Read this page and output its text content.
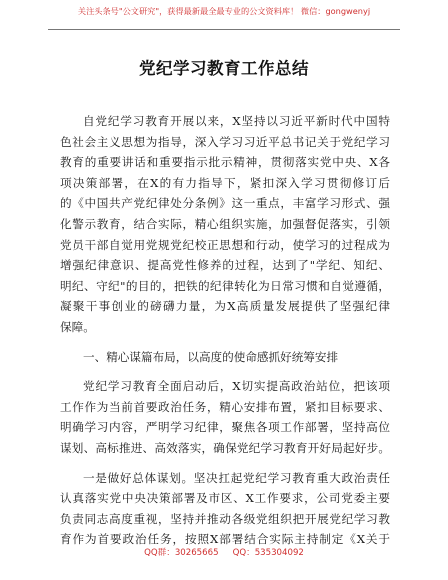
关注头条号"公文研究"，获得最新最全最专业的公文资料库！ 微信：gongwenyj
党纪学习教育工作总结
自党纪学习教育开展以来，X坚持以习近平新时代中国特
色社会主义思想为指导，深入学习习近平总书记关于党纪学习
教育的重要讲话和重要指示批示精神，贯彻落实党中央、X各
项决策部署，在X的有力指导下，紧扣深入学习贯彻修订后
的《中国共产党纪律处分条例》这一重点，丰富学习形式、强
化警示教育，结合实际，精心组织实施，加强督促落实，引领
党员干部自觉用党规党纪校正思想和行动，使学习的过程成为
增强纪律意识、提高党性修养的过程，达到了"学纪、知纪、
明纪、守纪"的目的，把铁的纪律转化为日常习惯和自觉遵循，
凝聚干事创业的磅礴力量，为X高质量发展提供了坚强纪律
保障。
一、精心谋篇布局，以高度的使命感抓好统筹安排
党纪学习教育全面启动后，X切实提高政治站位，把该项
工作作为当前首要政治任务，精心安排布置，紧扣目标要求、
明确学习内容，严明学习纪律，聚焦各项工作部署，坚持高位
谋划、高标推进、高效落实，确保党纪学习教育开好局起好步。
一是做好总体谋划。坚决扛起党纪学习教育重大政治责任
认真落实党中央决策部署及市区、X工作要求，公司党委主要
负责同志高度重视，坚持并推动各级党组织把开展党纪学习教
育作为首要政治任务，按照X部署结合实际主持制定《X关于
QQ群：30265665 QQ：535304092
